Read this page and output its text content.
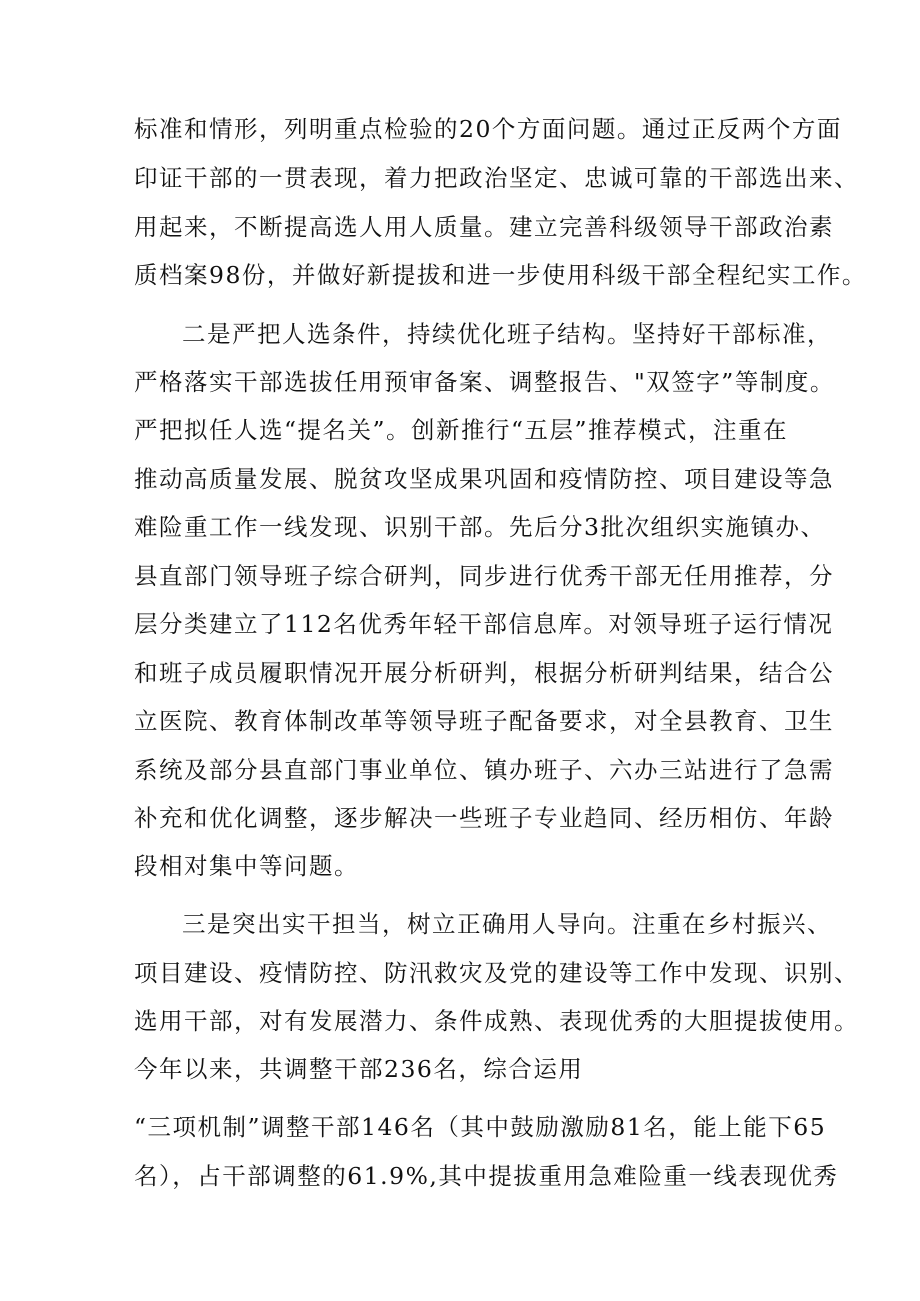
标准和情形，列明重点检验的20个方面问题。通过正反两个方面
印证干部的一贯表现，着力把政治坚定、忠诚可靠的干部选出来、
用起来，不断提高选人用人质量。建立完善科级领导干部政治素
质档案98份，并做好新提拔和进一步使用科级干部全程纪实工作。
二是严把人选条件，持续优化班子结构。坚持好干部标准，
严格落实干部选拔任用预审备案、调整报告、"双签字”等制度。
严把拟任人选“提名关”。创新推行“五层”推荐模式，注重在
推动高质量发展、脱贫攻坚成果巩固和疫情防控、项目建设等急
难险重工作一线发现、识别干部。先后分3批次组织实施镇办、
县直部门领导班子综合研判，同步进行优秀干部无任用推荐，分
层分类建立了112名优秀年轻干部信息库。对领导班子运行情况
和班子成员履职情况开展分析研判，根据分析研判结果，结合公
立医院、教育体制改革等领导班子配备要求，对全县教育、卫生
系统及部分县直部门事业单位、镇办班子、六办三站进行了急需
补充和优化调整，逐步解决一些班子专业趋同、经历相仿、年龄
段相对集中等问题。
三是突出实干担当，树立正确用人导向。注重在乡村振兴、
项目建设、疫情防控、防汛救灾及党的建设等工作中发现、识别、
选用干部，对有发展潜力、条件成熟、表现优秀的大胆提拔使用。
今年以来，共调整干部236名，综合运用
“三项机制”调整干部146名（其中鼓励激励81名，能上能下65
名），占干部调整的61.9%,其中提拔重用急难险重一线表现优秀
